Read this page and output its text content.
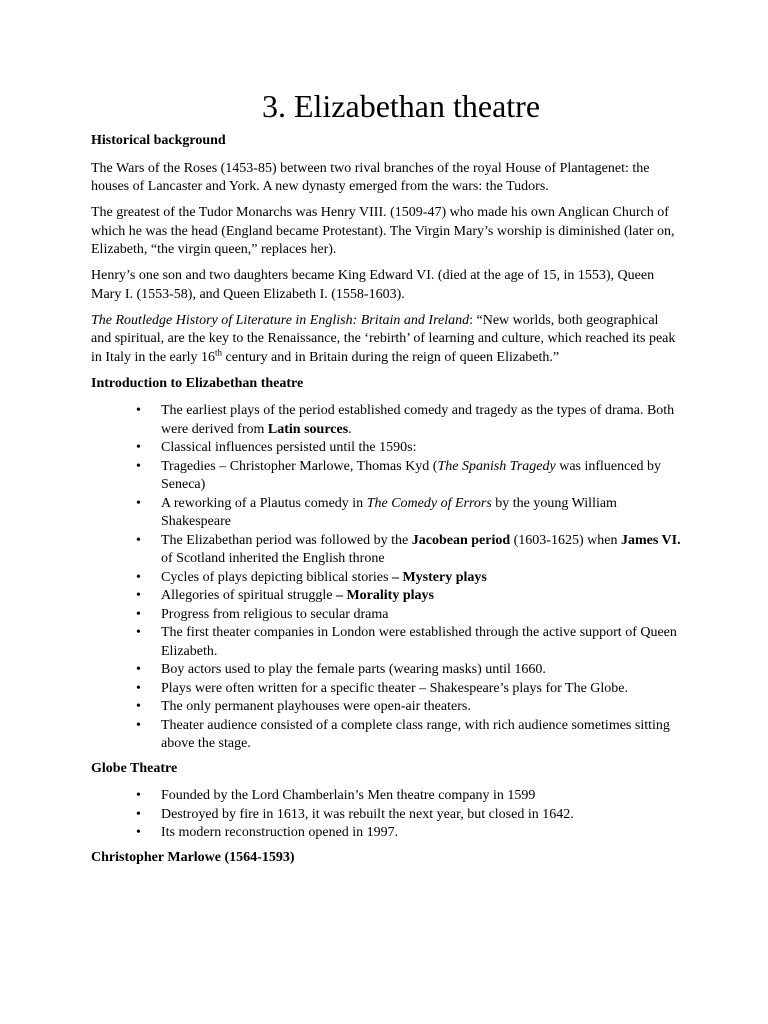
3. Elizabethan theatre
Historical background

The Wars of the Roses (1453-85) between two rival branches of the royal House of Plantagenet: the houses of Lancaster and York. A new dynasty emerged from the wars: the Tudors.

The greatest of the Tudor Monarchs was Henry VIII. (1509-47) who made his own Anglican Church of which he was the head (England became Protestant). The Virgin Mary’s worship is diminished (later on, Elizabeth, “the virgin queen,” replaces her).

Henry’s one son and two daughters became King Edward VI. (died at the age of 15, in 1553), Queen Mary I. (1553-58), and Queen Elizabeth I. (1558-1603).

The Routledge History of Literature in English: Britain and Ireland: “New worlds, both geographical and spiritual, are the key to the Renaissance, the ‘rebirth’ of learning and culture, which reached its peak in Italy in the early 16th century and in Britain during the reign of queen Elizabeth.”

Introduction to Elizabethan theatre
• The earliest plays of the period established comedy and tragedy as the types of drama. Both were derived from Latin sources.
• Classical influences persisted until the 1590s:
• Tragedies – Christopher Marlowe, Thomas Kyd (The Spanish Tragedy was influenced by Seneca)
• A reworking of a Plautus comedy in The Comedy of Errors by the young William Shakespeare
• The Elizabethan period was followed by the Jacobean period (1603-1625) when James VI. of Scotland inherited the English throne
• Cycles of plays depicting biblical stories – Mystery plays
• Allegories of spiritual struggle – Morality plays
• Progress from religious to secular drama
• The first theater companies in London were established through the active support of Queen Elizabeth.
• Boy actors used to play the female parts (wearing masks) until 1660.
• Plays were often written for a specific theater – Shakespeare’s plays for The Globe.
• The only permanent playhouses were open-air theaters.
• Theater audience consisted of a complete class range, with rich audience sometimes sitting above the stage.
Globe Theatre
• Founded by the Lord Chamberlain’s Men theatre company in 1599
• Destroyed by fire in 1613, it was rebuilt the next year, but closed in 1642.
• Its modern reconstruction opened in 1997.
Christopher Marlowe (1564-1593)
